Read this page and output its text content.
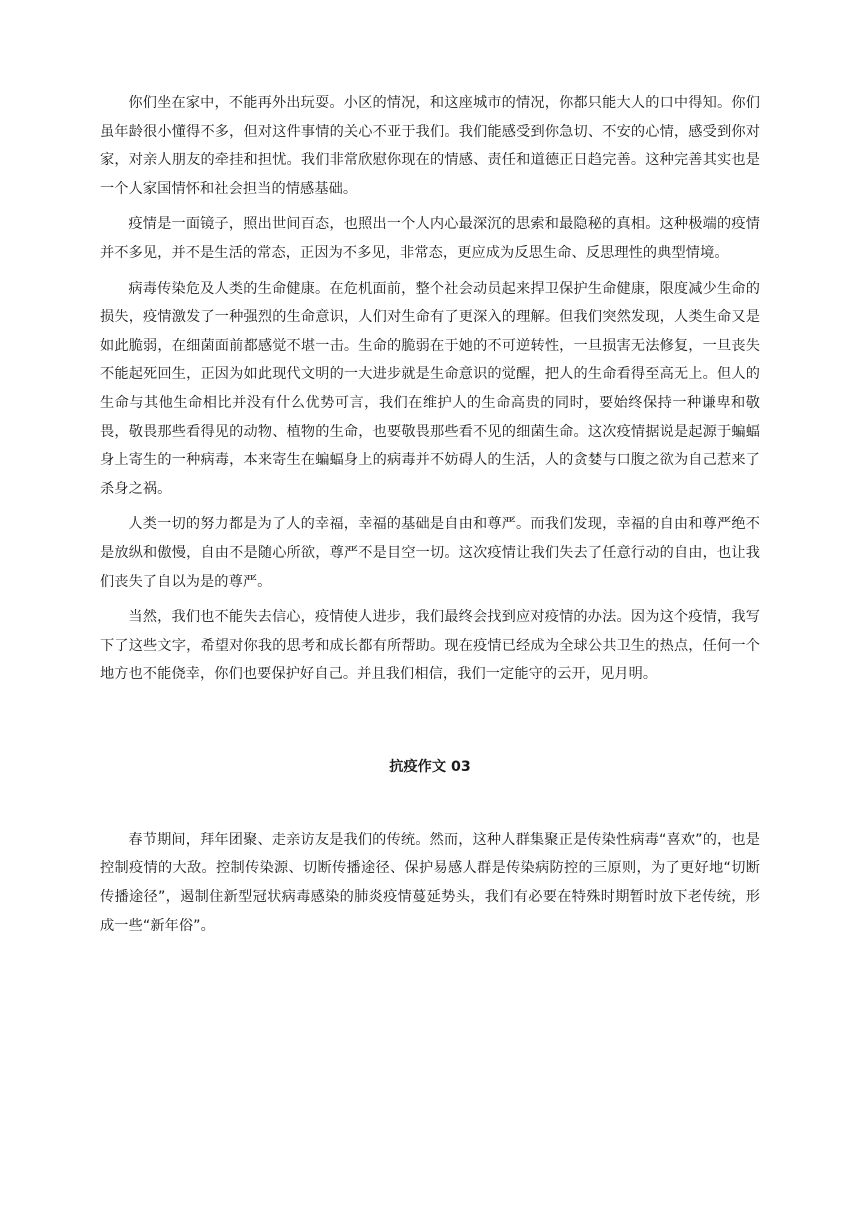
你们坐在家中，不能再外出玩耍。小区的情况，和这座城市的情况，你都只能大人的口中得知。你们虽年龄很小懂得不多，但对这件事情的关心不亚于我们。我们能感受到你急切、不安的心情，感受到你对家，对亲人朋友的牵挂和担忧。我们非常欣慰你现在的情感、责任和道德正日趋完善。这种完善其实也是一个人家国情怀和社会担当的情感基础。

疫情是一面镜子，照出世间百态，也照出一个人内心最深沉的思索和最隐秘的真相。这种极端的疫情并不多见，并不是生活的常态，正因为不多见，非常态，更应成为反思生命、反思理性的典型情境。

病毒传染危及人类的生命健康。在危机面前，整个社会动员起来捍卫保护生命健康，限度减少生命的损失，疫情激发了一种强烈的生命意识，人们对生命有了更深入的理解。但我们突然发现，人类生命又是如此脆弱，在细菌面前都感觉不堪一击。生命的脆弱在于她的不可逆转性，一旦损害无法修复，一旦丧失不能起死回生，正因为如此现代文明的一大进步就是生命意识的觉醒，把人的生命看得至高无上。但人的生命与其他生命相比并没有什么优势可言，我们在维护人的生命高贵的同时，要始终保持一种谦卑和敬畏，敬畏那些看得见的动物、植物的生命，也要敬畏那些看不见的细菌生命。这次疫情据说是起源于蝙蝠身上寄生的一种病毒，本来寄生在蝙蝠身上的病毒并不妨碍人的生活，人的贪婪与口腹之欲为自己惹来了杀身之祸。

人类一切的努力都是为了人的幸福，幸福的基础是自由和尊严。而我们发现，幸福的自由和尊严绝不是放纵和傲慢，自由不是随心所欲，尊严不是目空一切。这次疫情让我们失去了任意行动的自由，也让我们丧失了自以为是的尊严。

当然，我们也不能失去信心，疫情使人进步，我们最终会找到应对疫情的办法。因为这个疫情，我写下了这些文字，希望对你我的思考和成长都有所帮助。现在疫情已经成为全球公共卫生的热点，任何一个地方也不能侥幸，你们也要保护好自己。并且我们相信，我们一定能守的云开，见月明。

抗疫作文 03

春节期间，拜年团聚、走亲访友是我们的传统。然而，这种人群集聚正是传染性病毒“喜欢”的，也是控制疫情的大敌。控制传染源、切断传播途径、保护易感人群是传染病防控的三原则，为了更好地“切断传播途径”，遏制住新型冠状病毒感染的肺炎疫情蔓延势头，我们有必要在特殊时期暂时放下老传统，形成一些“新年俗”。
